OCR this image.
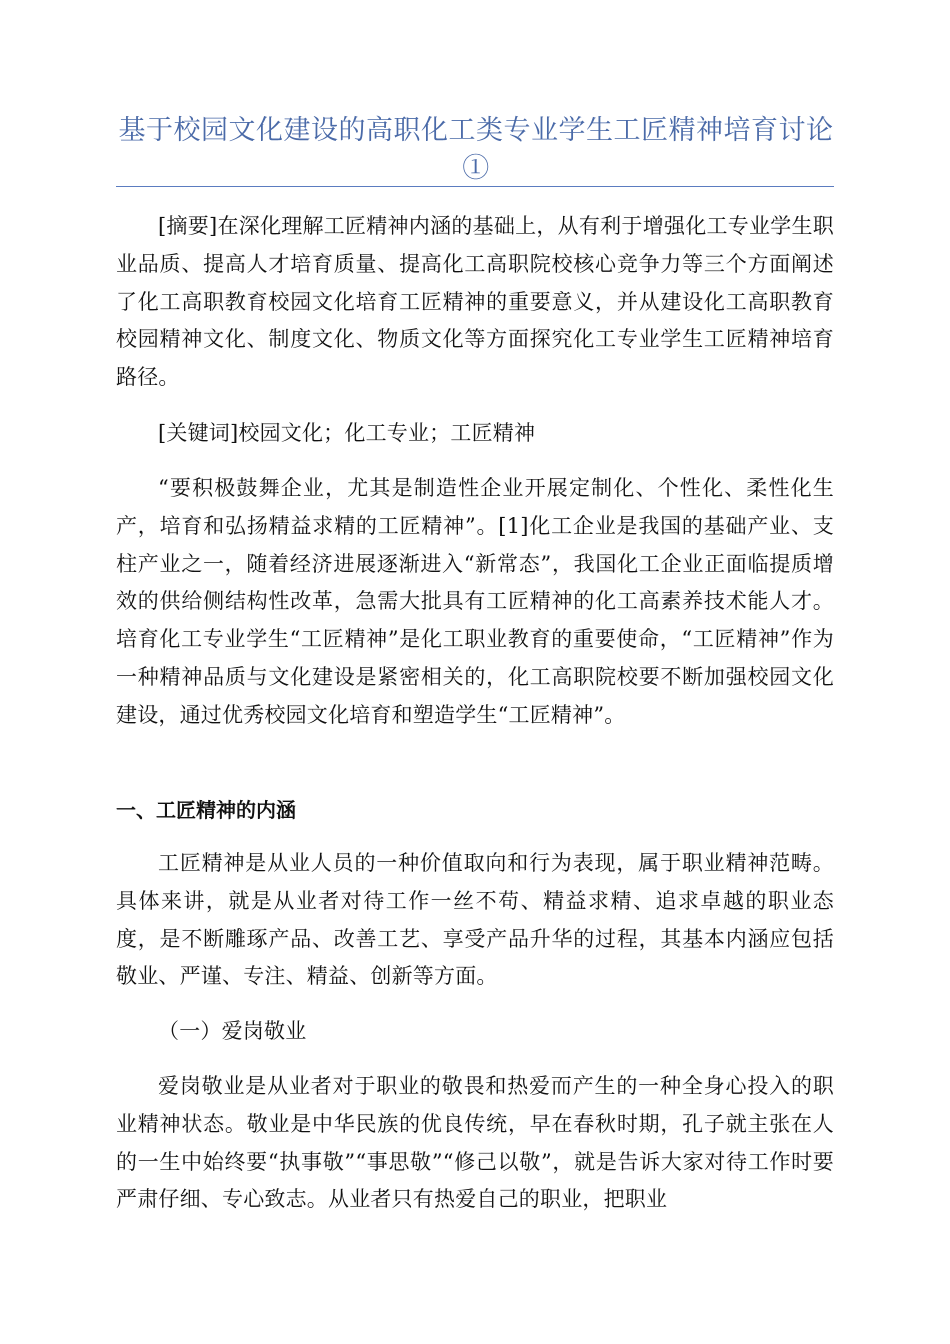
基于校园文化建设的高职化工类专业学生工匠精神培育讨论①

[摘要]在深化理解工匠精神内涵的基础上，从有利于增强化工专业学生职业品质、提高人才培育质量、提高化工高职院校核心竞争力等三个方面阐述了化工高职教育校园文化培育工匠精神的重要意义，并从建设化工高职教育校园精神文化、制度文化、物质文化等方面探究化工专业学生工匠精神培育路径。

[关键词]校园文化；化工专业；工匠精神

“要积极鼓舞企业，尤其是制造性企业开展定制化、个性化、柔性化生产，培育和弘扬精益求精的工匠精神”。[1]化工企业是我国的基础产业、支柱产业之一，随着经济进展逐渐进入“新常态”，我国化工企业正面临提质增效的供给侧结构性改革，急需大批具有工匠精神的化工高素养技术能人才。培育化工专业学生“工匠精神”是化工职业教育的重要使命，“工匠精神”作为一种精神品质与文化建设是紧密相关的，化工高职院校要不断加强校园文化建设，通过优秀校园文化培育和塑造学生“工匠精神”。

一、工匠精神的内涵

工匠精神是从业人员的一种价值取向和行为表现，属于职业精神范畴。具体来讲，就是从业者对待工作一丝不苟、精益求精、追求卓越的职业态度，是不断雕琢产品、改善工艺、享受产品升华的过程，其基本内涵应包括敬业、严谨、专注、精益、创新等方面。

（一）爱岗敬业

爱岗敬业是从业者对于职业的敬畏和热爱而产生的一种全身心投入的职业精神状态。敬业是中华民族的优良传统，早在春秋时期，孔子就主张在人的一生中始终要“执事敬”“事思敬”“修己以敬”，就是告诉大家对待工作时要严肃仔细、专心致志。从业者只有热爱自己的职业，把职业
